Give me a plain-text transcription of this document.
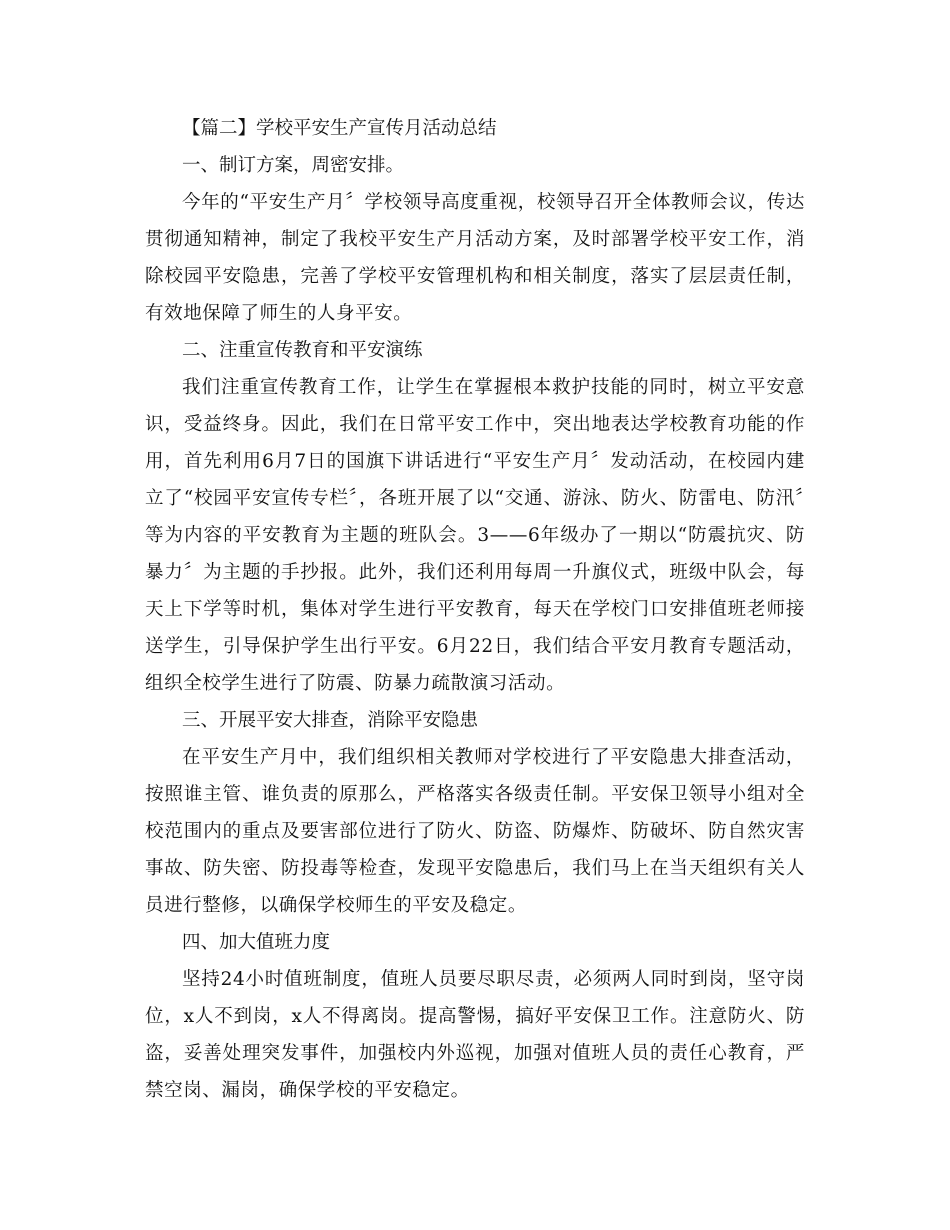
【篇二】学校平安生产宣传月活动总结

一、制订方案，周密安排。

今年的“平安生产月〞学校领导高度重视，校领导召开全体教师会议，传达贯彻通知精神，制定了我校平安生产月活动方案，及时部署学校平安工作，消除校园平安隐患，完善了学校平安管理机构和相关制度，落实了层层责任制，有效地保障了师生的人身平安。

二、注重宣传教育和平安演练

我们注重宣传教育工作，让学生在掌握根本救护技能的同时，树立平安意识，受益终身。因此，我们在日常平安工作中，突出地表达学校教育功能的作用，首先利用6月7日的国旗下讲话进行“平安生产月〞发动活动，在校园内建立了“校园平安宣传专栏〞，各班开展了以“交通、游泳、防火、防雷电、防汛〞等为内容的平安教育为主题的班队会。3——6年级办了一期以“防震抗灾、防暴力〞为主题的手抄报。此外，我们还利用每周一升旗仪式，班级中队会，每天上下学等时机，集体对学生进行平安教育，每天在学校门口安排值班老师接送学生，引导保护学生出行平安。6月22日，我们结合平安月教育专题活动，组织全校学生进行了防震、防暴力疏散演习活动。

三、开展平安大排查，消除平安隐患

在平安生产月中，我们组织相关教师对学校进行了平安隐患大排查活动，按照谁主管、谁负责的原那么，严格落实各级责任制。平安保卫领导小组对全校范围内的重点及要害部位进行了防火、防盗、防爆炸、防破坏、防自然灾害事故、防失密、防投毒等检查，发现平安隐患后，我们马上在当天组织有关人员进行整修，以确保学校师生的平安及稳定。

四、加大值班力度

坚持24小时值班制度，值班人员要尽职尽责，必须两人同时到岗，坚守岗位，x人不到岗，x人不得离岗。提高警惕，搞好平安保卫工作。注意防火、防盗，妥善处理突发事件，加强校内外巡视，加强对值班人员的责任心教育，严禁空岗、漏岗，确保学校的平安稳定。
